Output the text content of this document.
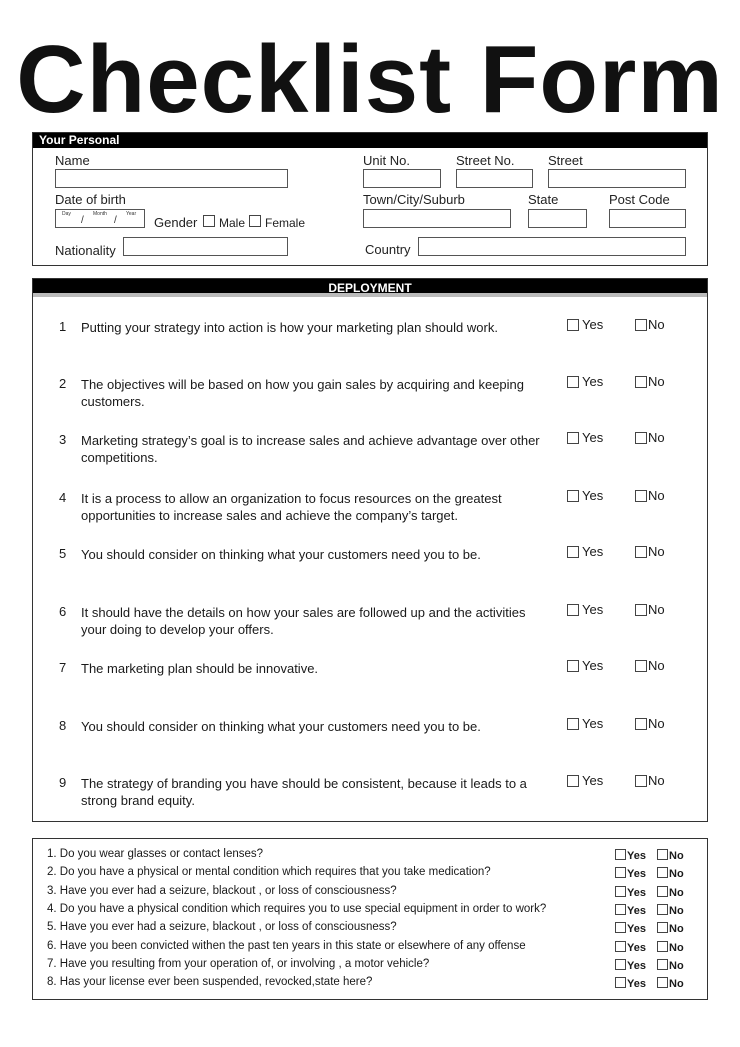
Checklist Form
Your Personal
Name
Date of birth
Day	Month	Year
/	/	Gender Male Female
Nationality
Unit No.	Street No.	Street
Town/City/Suburb	State	Post Code
Country
DEPLOYMENT
1 Putting your strategy into action is how your marketing plan should work.	Yes	No
2 The objectives will be based on how you gain sales by acquiring and keeping customers.
Yes	No
3 Marketing strategy’s goal is to increase sales and achieve advantage over other competitions.
Yes	No
4 It is a process to allow an organization to focus resources on the greatest opportunities to increase sales and achieve the company’s target.
Yes	No
5 You should consider on thinking what your customers need you to be.	Yes	No
6 It should have the details on how your sales are followed up and the activities your doing to develop your offers.
Yes	No
7 The marketing plan should be innovative.	Yes	No
8 You should consider on thinking what your customers need you to be.	Yes	No
9 The strategy of branding you have should be consistent, because it leads to a strong brand equity.
Yes	No
1. Do you wear glasses or contact lenses?	Yes	No
2. Do you have a physical or mental condition which requires that you take medication?	Yes	No
3. Have you ever had a seizure, blackout , or loss of consciousness?	Yes	No
4. Do you have a physical condition which requires you to use special equipment in order to work?	Yes	No
5. Have you ever had a seizure, blackout , or loss of consciousness?	Yes	No
6. Have you been convicted withen the past ten years in this state or elsewhere of any offense	Yes	No
7. Have you resulting from your operation of, or involving , a motor vehicle?	Yes	No
8. Has your license ever been suspended, revocked,state here?	Yes	No
